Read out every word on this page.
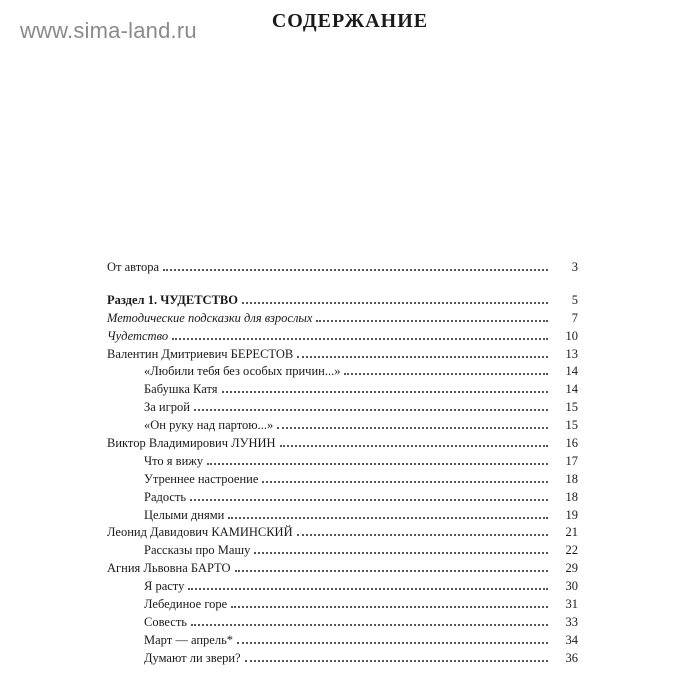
www.sima-land.ru	СОДЕРЖАНИЕ
От автора	3
Раздел 1. ЧУДЕТСТВО	5
Методические подсказки для взрослых	7
Чудетство	10
Валентин Дмитриевич БЕРЕСТОВ	13
«Любили тебя без особых причин...»	14
Бабушка Катя	14
За игрой	15
«Он руку над партою...»	15
Виктор Владимирович ЛУНИН	16
Что я вижу	17
Утреннее настроение	18
Радость	18
Целыми днями	19
Леонид Давидович КАМИНСКИЙ	21
Рассказы про Машу	22
Агния Львовна БАРТО	29
Я расту	30
Лебединое горе	31
Совесть	33
Март — апрель*	34
Думают ли звери?	36
